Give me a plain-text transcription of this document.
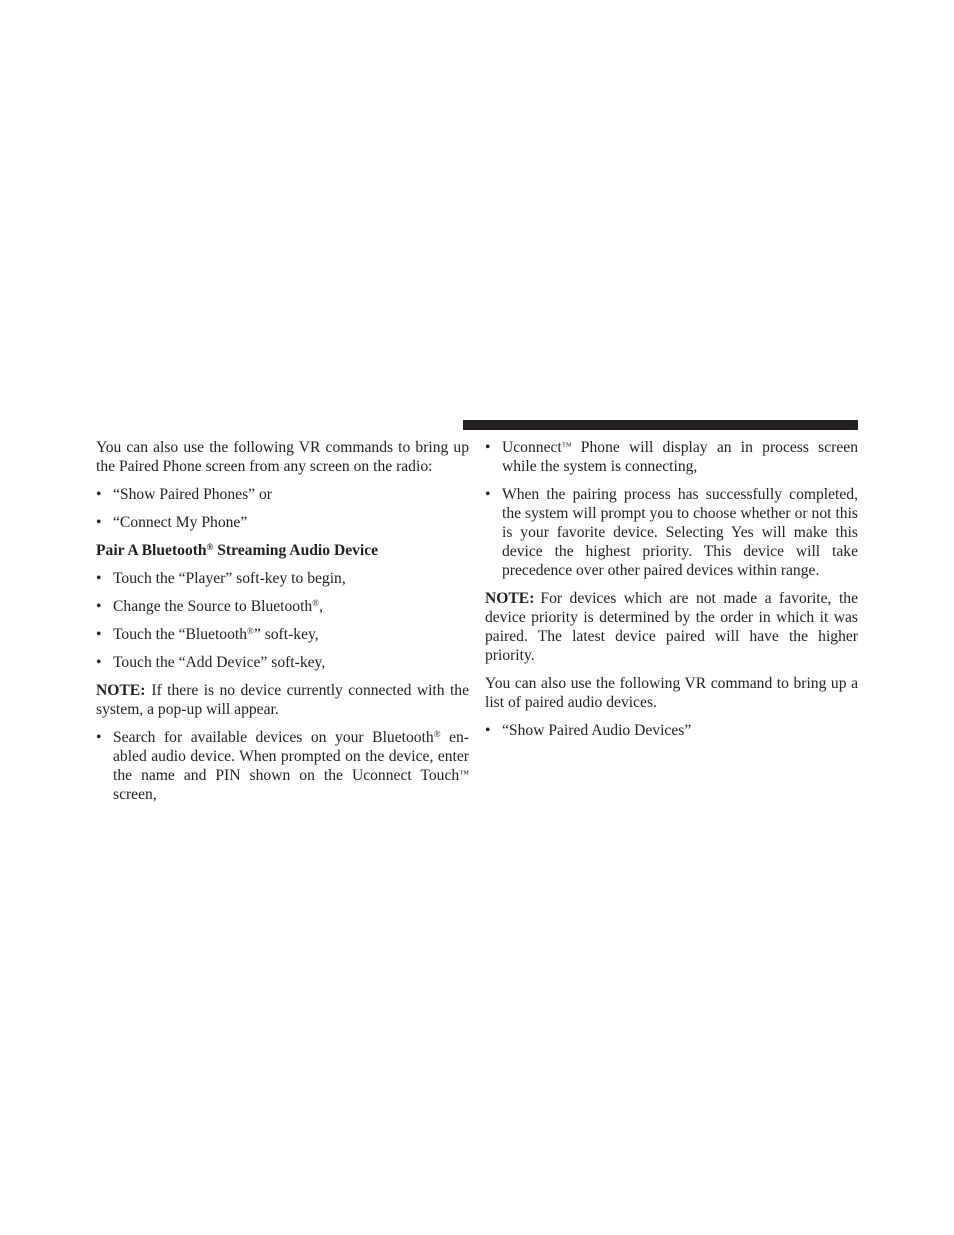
You can also use the following VR commands to bring up the Paired Phone screen from any screen on the radio:

• “Show Paired Phones” or
• “Connect My Phone”
Pair A Bluetooth® Streaming Audio Device
• Touch the “Player” soft-key to begin,
• Change the Source to Bluetooth®,
• Touch the “Bluetooth®” soft-key,
• Touch the “Add Device” soft-key,

NOTE: If there is no device currently connected with the system, a pop-up will appear.

• Search for available devices on your Bluetooth® en-abled audio device. When prompted on the device, enter the name and PIN shown on the Uconnect Touch™ screen,
• Uconnect™ Phone will display an in process screen while the system is connecting,
• When the pairing process has successfully completed, the system will prompt you to choose whether or not this is your favorite device. Selecting Yes will make this device the highest priority. This device will take precedence over other paired devices within range.

NOTE: For devices which are not made a favorite, the device priority is determined by the order in which it was paired. The latest device paired will have the higher priority.

You can also use the following VR command to bring up a list of paired audio devices.

• “Show Paired Audio Devices”
